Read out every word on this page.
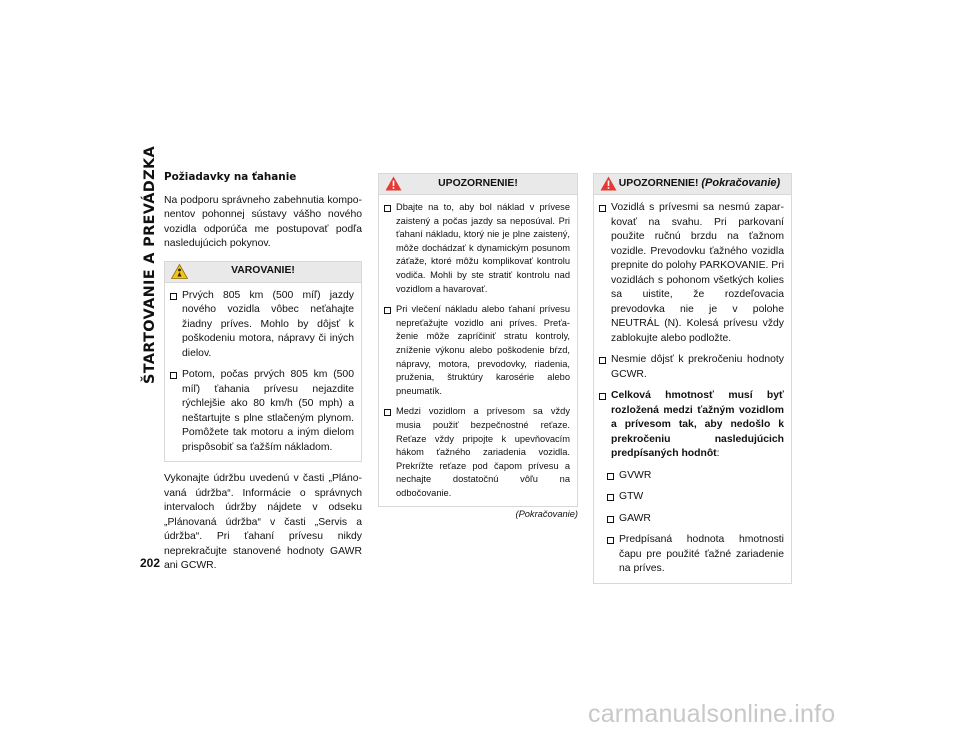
ŠTARTOVANIE A PREVÁDZKA
202
Požiadavky na ťahanie

Na podporu správneho zabehnutia komponentov pohonnej sústavy vášho nového vozidla odporúča me postupovať podľa nasledujúcich pokynov.

VAROVANIE!
Prvých 805 km (500 míľ) jazdy nového vozidla vôbec neťahajte žiadny príves. Mohlo by dôjsť k poškodeniu motora, nápravy či iných dielov.
Potom, počas prvých 805 km (500 míľ) ťahania prívesu nejazdite rýchlejšie ako 80 km/h (50 mph) a neštartujte s plne stlačeným plynom. Pomôžete tak motoru a iným dielom prispôsobiť sa ťažším nákladom.

Vykonajte údržbu uvedenú v časti „Plánovaná údržba“. Informácie o správnych intervaloch údržby nájdete v odseku „Plánovaná údržba“ v časti „Servis a údržba“. Pri ťahaní prívesu nikdy neprekračujte stanovené hodnoty GAWR ani GCWR.

UPOZORNENIE!
Dbajte na to, aby bol náklad v prívese zaistený a počas jazdy sa neposúval. Pri ťahaní nákladu, ktorý nie je plne zaistený, môže dochádzať k dynamickým posunom záťaže, ktoré môžu komplikovať kontrolu vodiča. Mohli by ste stratiť kontrolu nad vozidlom a havarovať.
Pri vlečení nákladu alebo ťahaní prívesu nepreťažujte vozidlo ani príves. Preťaženie môže zapríčiniť stratu kontroly, zníženie výkonu alebo poškodenie bŕzd, nápravy, motora, prevodovky, riadenia, pruženia, štruktúry karosérie alebo pneumatík.
Medzi vozidlom a prívesom sa vždy musia použiť bezpečnostné reťaze. Reťaze vždy pripojte k upevňovacím hákom ťažného zariadenia vozidla. Prekrížte reťaze pod čapom prívesu a nechajte dostatočnú vôľu na odbočovanie.
(Pokračovanie)
UPOZORNENIE! (Pokračovanie)
Vozidlá s prívesmi sa nesmú zaparkovať na svahu. Pri parkovaní použite ručnú brzdu na ťažnom vozidle. Prevodovku ťažného vozidla prepnite do polohy PARKOVANIE. Pri vozidlách s pohonom všetkých kolies sa uistite, že rozdeľovacia prevodovka nie je v polohe NEUTRÁL (N). Kolesá prívesu vždy zablokujte alebo podložte.
Nesmie dôjsť k prekročeniu hodnoty GCWR.
Celková hmotnosť musí byť rozložená medzi ťažným vozidlom a prívesom tak, aby nedošlo k prekročeniu nasledujúcich predpísaných hodnôt:
GVWR
GTW
GAWR
Predpísaná hodnota hmotnosti čapu pre použité ťažné zariadenie na príves.
carmanualsonline.info
